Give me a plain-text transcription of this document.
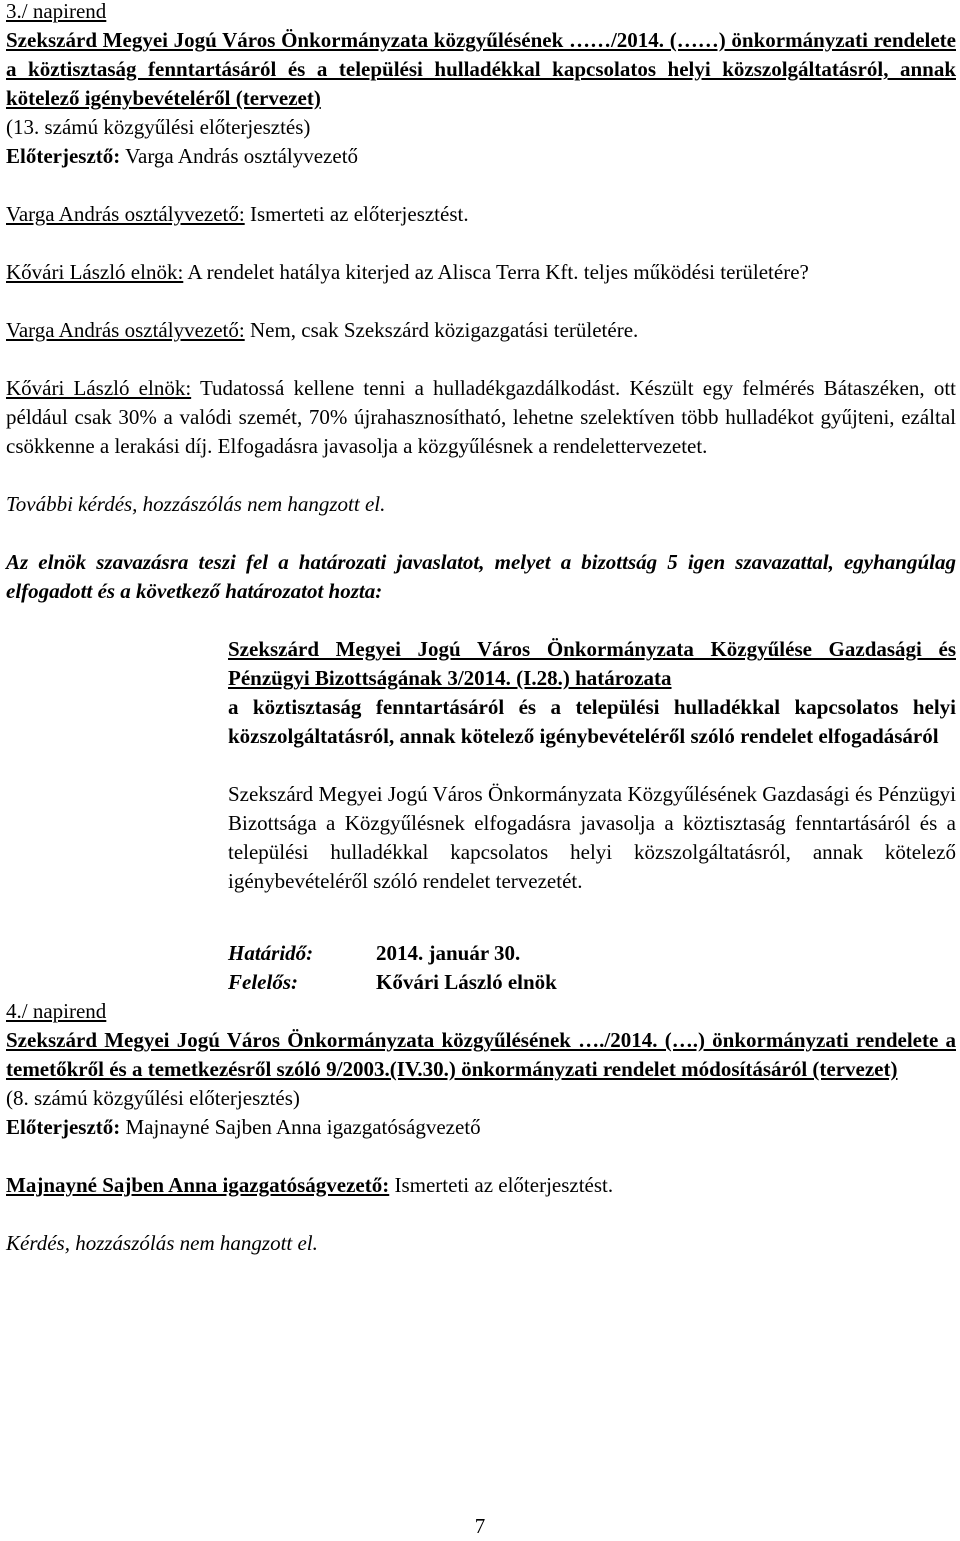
3./ napirend

Szekszárd Megyei Jogú Város Önkormányzata közgyűlésének ……/2014. (……) önkormányzati rendelete a köztisztaság fenntartásáról és a települési hulladékkal kapcsolatos helyi közszolgáltatásról, annak kötelező igénybevételéről (tervezet)

(13. számú közgyűlési előterjesztés)

Előterjesztő: Varga András osztályvezető

Varga András osztályvezető: Ismerteti az előterjesztést.

Kővári László elnök: A rendelet hatálya kiterjed az Alisca Terra Kft. teljes működési területére?

Varga András osztályvezető: Nem, csak Szekszárd közigazgatási területére.

Kővári László elnök: Tudatossá kellene tenni a hulladékgazdálkodást. Készült egy felmérés Bátaszéken, ott például csak 30% a valódi szemét, 70% újrahasznosítható, lehetne szelektíven több hulladékot gyűjteni, ezáltal csökkenne a lerakási díj. Elfogadásra javasolja a közgyűlésnek a rendelettervezetet.

További kérdés, hozzászólás nem hangzott el.

Az elnök szavazásra teszi fel a határozati javaslatot, melyet a bizottság 5 igen szavazattal, egyhangúlag elfogadott és a következő határozatot hozta:

Szekszárd Megyei Jogú Város Önkormányzata Közgyűlése Gazdasági és Pénzügyi Bizottságának 3/2014. (I.28.) határozata

a köztisztaság fenntartásáról és a települési hulladékkal kapcsolatos helyi közszolgáltatásról, annak kötelező igénybevételéről szóló rendelet elfogadásáról

Szekszárd Megyei Jogú Város Önkormányzata Közgyűlésének Gazdasági és Pénzügyi Bizottsága a Közgyűlésnek elfogadásra javasolja a köztisztaság fenntartásáról és a települési hulladékkal kapcsolatos helyi közszolgáltatásról, annak kötelező igénybevételéről szóló rendelet tervezetét.

Határidő:	2014. január 30.
Felelős:	Kővári László elnök

4./ napirend

Szekszárd Megyei Jogú Város Önkormányzata közgyűlésének …./2014. (….) önkormányzati rendelete a temetőkről és a temetkezésről szóló 9/2003.(IV.30.) önkormányzati rendelet módosításáról (tervezet)

(8. számú közgyűlési előterjesztés)

Előterjesztő: Majnayné Sajben Anna igazgatóságvezető

Majnayné Sajben Anna igazgatóságvezető: Ismerteti az előterjesztést.

Kérdés, hozzászólás nem hangzott el.

7
